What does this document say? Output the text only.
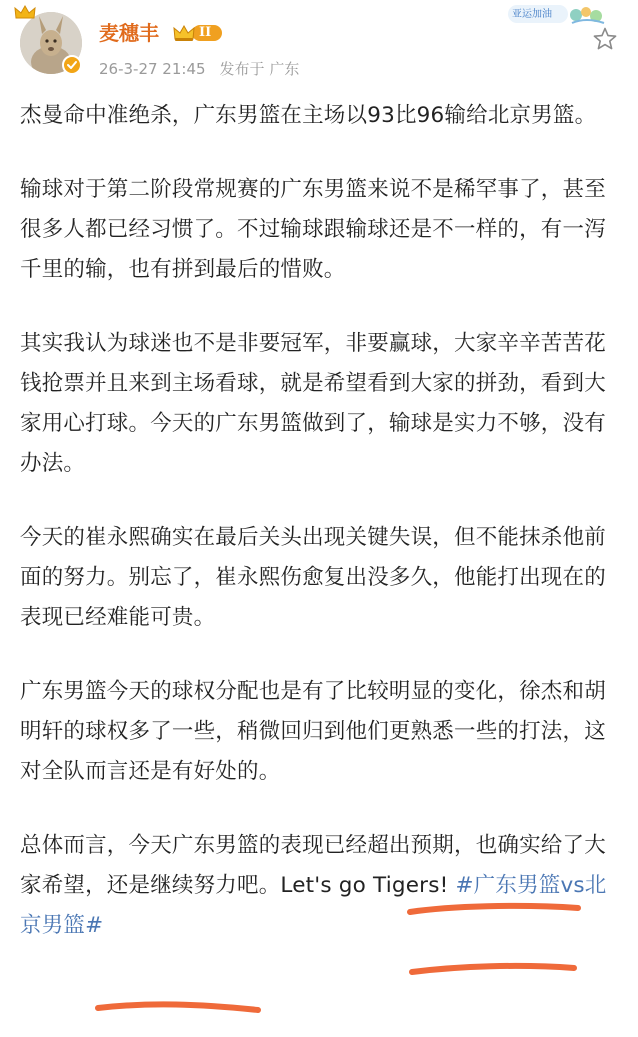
麦穗丰	II
26-3-27 21:45 发布于 广东
亚运加油

杰曼命中准绝杀，广东男篮在主场以93比96输给北京男篮。

输球对于第二阶段常规赛的广东男篮来说不是稀罕事了，甚至很多人都已经习惯了。不过输球跟输球还是不一样的，有一泻千里的输，也有拼到最后的惜败。

其实我认为球迷也不是非要冠军，非要赢球，大家辛辛苦苦花钱抢票并且来到主场看球，就是希望看到大家的拼劲，看到大家用心打球。今天的广东男篮做到了，输球是实力不够，没有办法。

今天的崔永熙确实在最后关头出现关键失误，但不能抹杀他前面的努力。别忘了，崔永熙伤愈复出没多久，他能打出现在的表现已经难能可贵。

广东男篮今天的球权分配也是有了比较明显的变化，徐杰和胡明轩的球权多了一些，稍微回归到他们更熟悉一些的打法，这对全队而言还是有好处的。

总体而言，今天广东男篮的表现已经超出预期，也确实给了大家希望，还是继续努力吧。Let's go Tigers! #广东男篮vs北京男篮#
